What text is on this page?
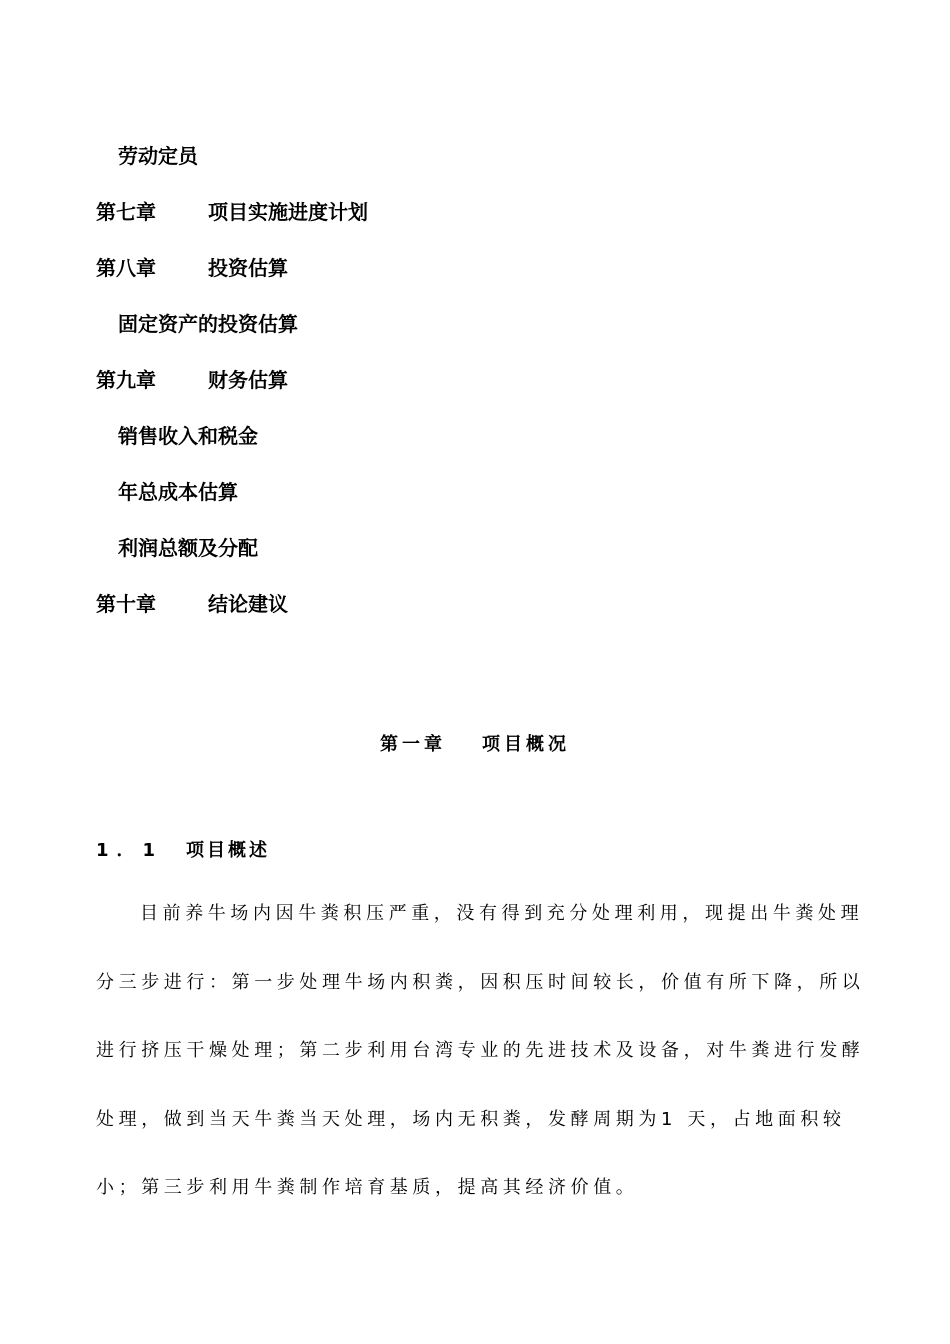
劳动定员
第七章	项目实施进度计划
第八章	投资估算
固定资产的投资估算
第九章	财务估算
销售收入和税金
年总成本估算
利润总额及分配
第十章	结论建议
第一章 项目概况
1．1 项目概述

目前养牛场内因牛粪积压严重，没有得到充分处理利用，现提出牛粪处理分三步进行：第一步处理牛场内积粪，因积压时间较长，价值有所下降，所以进行挤压干燥处理；第二步利用台湾专业的先进技术及设备，对牛粪进行发酵处理，做到当天牛粪当天处理，场内无积粪，发酵周期为1 天，占地面积较小；第三步利用牛粪制作培育基质，提高其经济价值。
